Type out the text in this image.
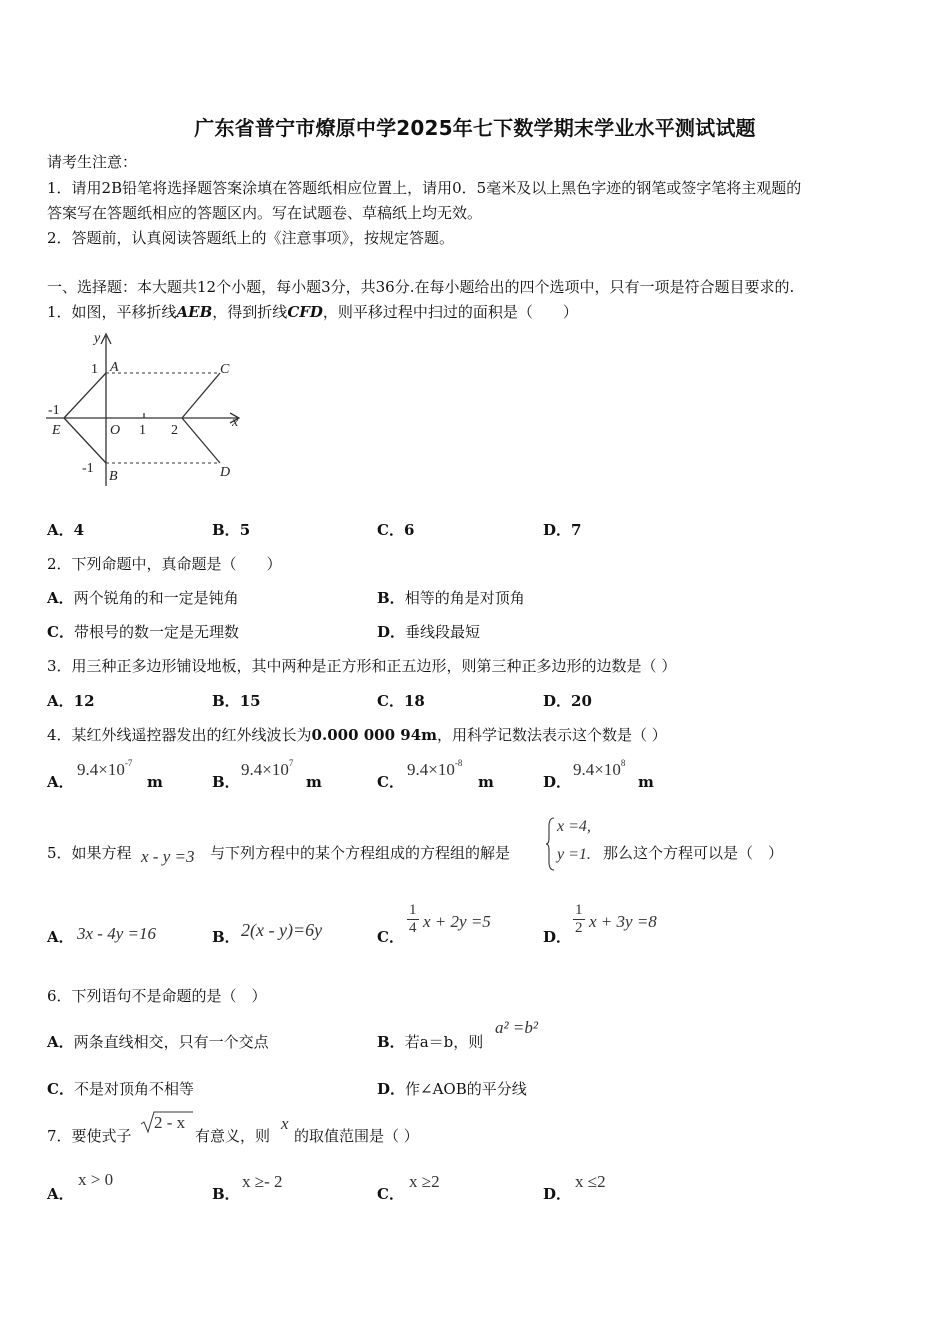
广东省普宁市燎原中学2025年七下数学期末学业水平测试试题
请考生注意：
1．请用2B铅笔将选择题答案涂填在答题纸相应位置上，请用0．5毫米及以上黑色字迹的钢笔或签字笔将主观题的
答案写在答题纸相应的答题区内。写在试题卷、草稿纸上均无效。
2．答题前，认真阅读答题纸上的《注意事项》，按规定答题。
一、选择题：本大题共12个小题，每小题3分，共36分.在每小题给出的四个选项中，只有一项是符合题目要求的.
1．如图，平移折线AEB，得到折线CFD，则平移过程中扫过的面积是（　　）
y
x
A
1	C
-1
E	O 1 2
-1
B	D
A．4	B．5	C．6	D．7
2．下列命题中，真命题是（　　）
A．两个锐角的和一定是钝角	B．相等的角是对顶角
C．带根号的数一定是无理数	D．垂线段最短
3．用三种正多边形铺设地板，其中两种是正方形和正五边形，则第三种正多边形的边数是（ ）
A．12	B．15	C．18	D．20
4．某红外线遥控器发出的红外线波长为0.000 000 94m，用科学记数法表示这个数是（ ）
A．
$9.4\times 10^{-7}$
m	B．
$9.4\times 10^7$
m	C．
$9.4\times 10^{-8}$
m	D．
$9.4\times 10^8$
m
5．如果方程 x - y =3 与下列方程中的某个方程组成的方程组的解是
x =4,
y =1. 那么这个方程可以是（　）
A． 3x - 4y =16	B． 2(x - y)=6y	C． $\frac{1}{4}$ x + 2y =5
D． $\frac{1}{2}$ x + 3y =8
6．下列语句不是命题的是（　）
A．两条直线相交，只有一个交点	B．若a＝b，则
a² =b²
C．不是对顶角不相等	D．作∠AOB的平分线
7．要使式子
2 - x
有意义，则
x
的取值范围是（ ）
A．
x > 0
B．
x ≥- 2
C．
x ≥2
D．
x ≤2
